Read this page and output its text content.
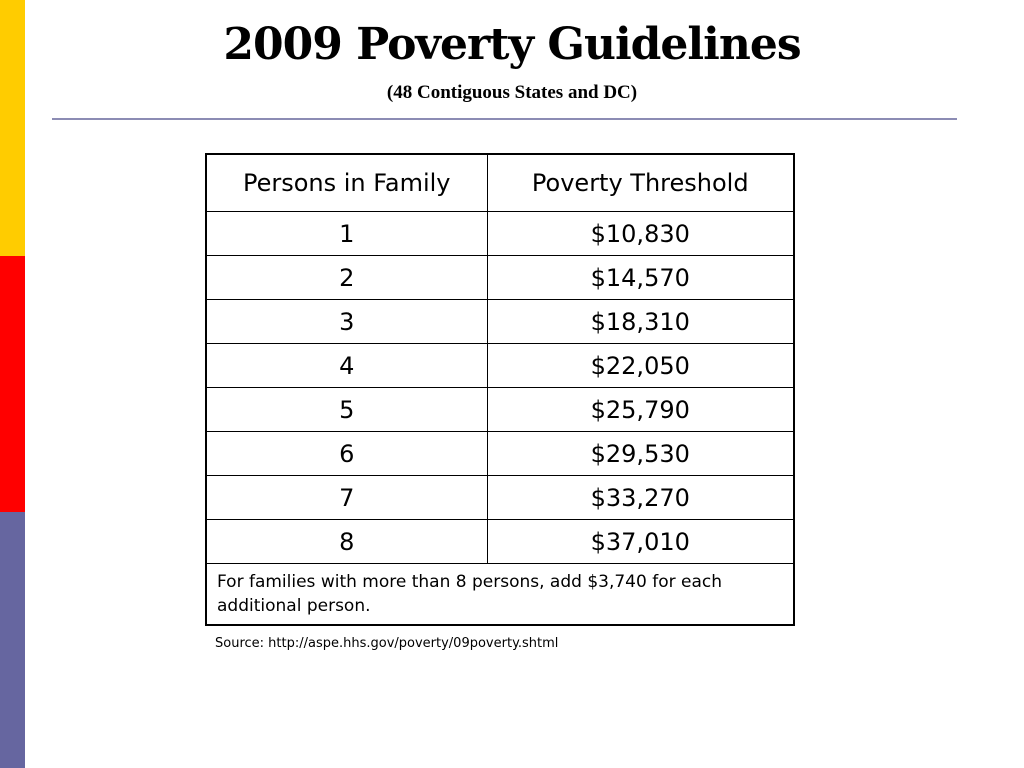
2009 Poverty Guidelines
(48 Contiguous States and DC)
Persons in Family	Poverty Threshold
1	$10,830
2	$14,570
3	$18,310
4	$22,050
5	$25,790
6	$29,530
7	$33,270
8	$37,010
For families with more than 8 persons, add $3,740 for each additional person.	
Source: http://aspe.hhs.gov/poverty/09poverty.shtml
